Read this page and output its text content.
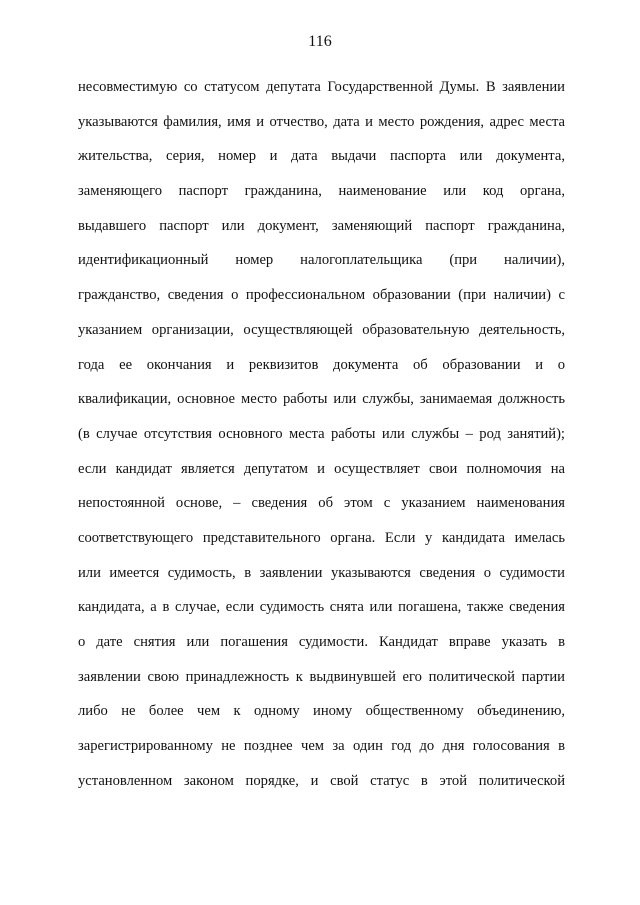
116
несовместимую со статусом депутата Государственной Думы. В заявлении
указываются фамилия, имя и отчество, дата и место рождения, адрес места
жительства, серия, номер и дата выдачи паспорта или документа,
заменяющего паспорт гражданина, наименование или код органа,
выдавшего паспорт или документ, заменяющий паспорт гражданина,
идентификационный номер налогоплательщика (при наличии),
гражданство, сведения о профессиональном образовании (при наличии) с
указанием организации, осуществляющей образовательную деятельность,
года ее окончания и реквизитов документа об образовании и о
квалификации, основное место работы или службы, занимаемая должность
(в случае отсутствия основного места работы или службы – род занятий);
если кандидат является депутатом и осуществляет свои полномочия на
непостоянной основе, – сведения об этом с указанием наименования
соответствующего представительного органа. Если у кандидата имелась
или имеется судимость, в заявлении указываются сведения о судимости
кандидата, а в случае, если судимость снята или погашена, также сведения
о дате снятия или погашения судимости. Кандидат вправе указать в
заявлении свою принадлежность к выдвинувшей его политической партии
либо не более чем к одному иному общественному объединению,
зарегистрированному не позднее чем за один год до дня голосования в
установленном законом порядке, и свой статус в этой политической
